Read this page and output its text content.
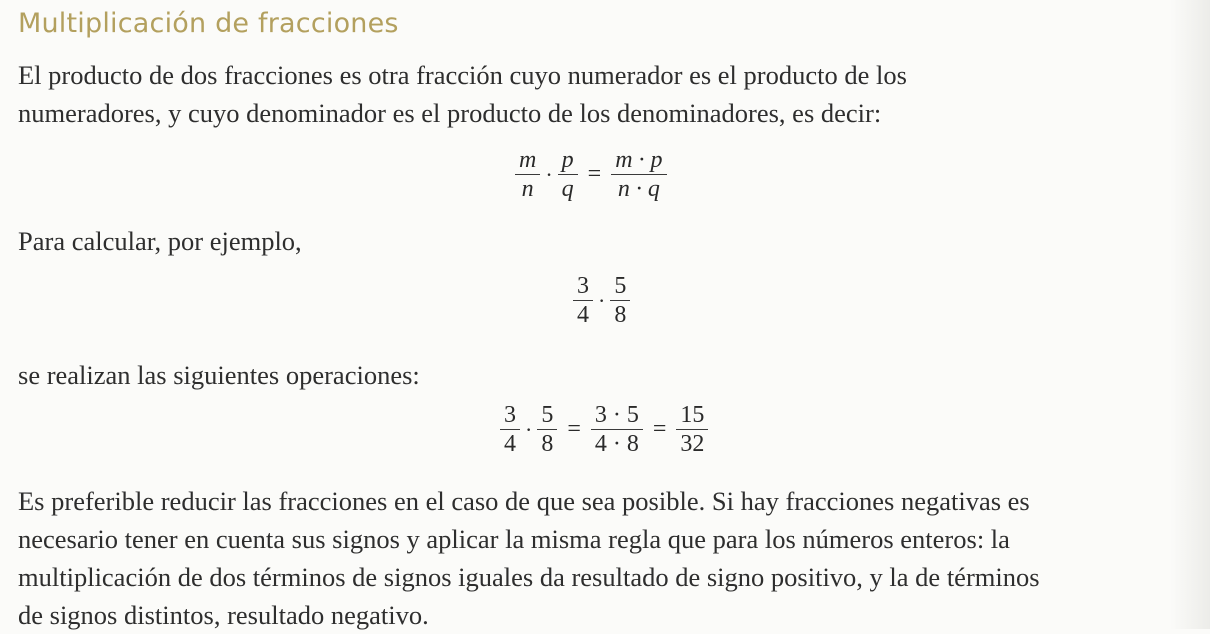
Multiplicación de fracciones
El producto de dos fracciones es otra fracción cuyo numerador es el producto de los
numeradores, y cuyo denominador es el producto de los denominadores, es decir:
$\frac{m}{n} \cdot \frac{p}{q} = \frac{m \cdot p}{n \cdot q}$
Para calcular, por ejemplo,
$\frac{3}{4} \cdot \frac{5}{8}$
se realizan las siguientes operaciones:
$\frac{3}{4} \cdot \frac{5}{8} = \frac{3 \cdot 5}{4 \cdot 8} = \frac{15}{32}$
Es preferible reducir las fracciones en el caso de que sea posible. Si hay fracciones negativas es
necesario tener en cuenta sus signos y aplicar la misma regla que para los números enteros: la
multiplicación de dos términos de signos iguales da resultado de signo positivo, y la de términos
de signos distintos, resultado negativo.
